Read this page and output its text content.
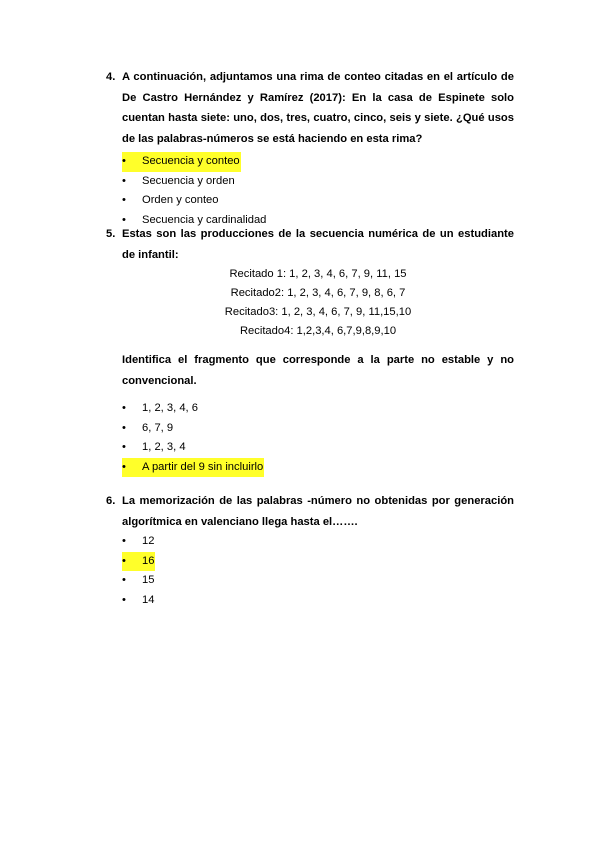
4. A continuación, adjuntamos una rima de conteo citadas en el artículo de De Castro Hernández y Ramírez (2017): En la casa de Espinete solo cuentan hasta siete: uno, dos, tres, cuatro, cinco, seis y siete. ¿Qué usos de las palabras-números se está haciendo en esta rima?
• Secuencia y conteo
• Secuencia y orden
• Orden y conteo
• Secuencia y cardinalidad
5. Estas son las producciones de la secuencia numérica de un estudiante de infantil:
Recitado 1: 1, 2, 3, 4, 6, 7, 9, 11, 15
Recitado2: 1, 2, 3, 4, 6, 7, 9, 8, 6, 7
Recitado3: 1, 2, 3, 4, 6, 7, 9, 11,15,10
Recitado4: 1,2,3,4, 6,7,9,8,9,10
Identifica el fragmento que corresponde a la parte no estable y no convencional.
• 1, 2, 3, 4, 6
• 6, 7, 9
• 1, 2, 3, 4
• A partir del 9 sin incluirlo
6. La memorización de las palabras -número no obtenidas por generación algorítmica en valenciano llega hasta el…….
• 12
• 16
• 15
• 14
